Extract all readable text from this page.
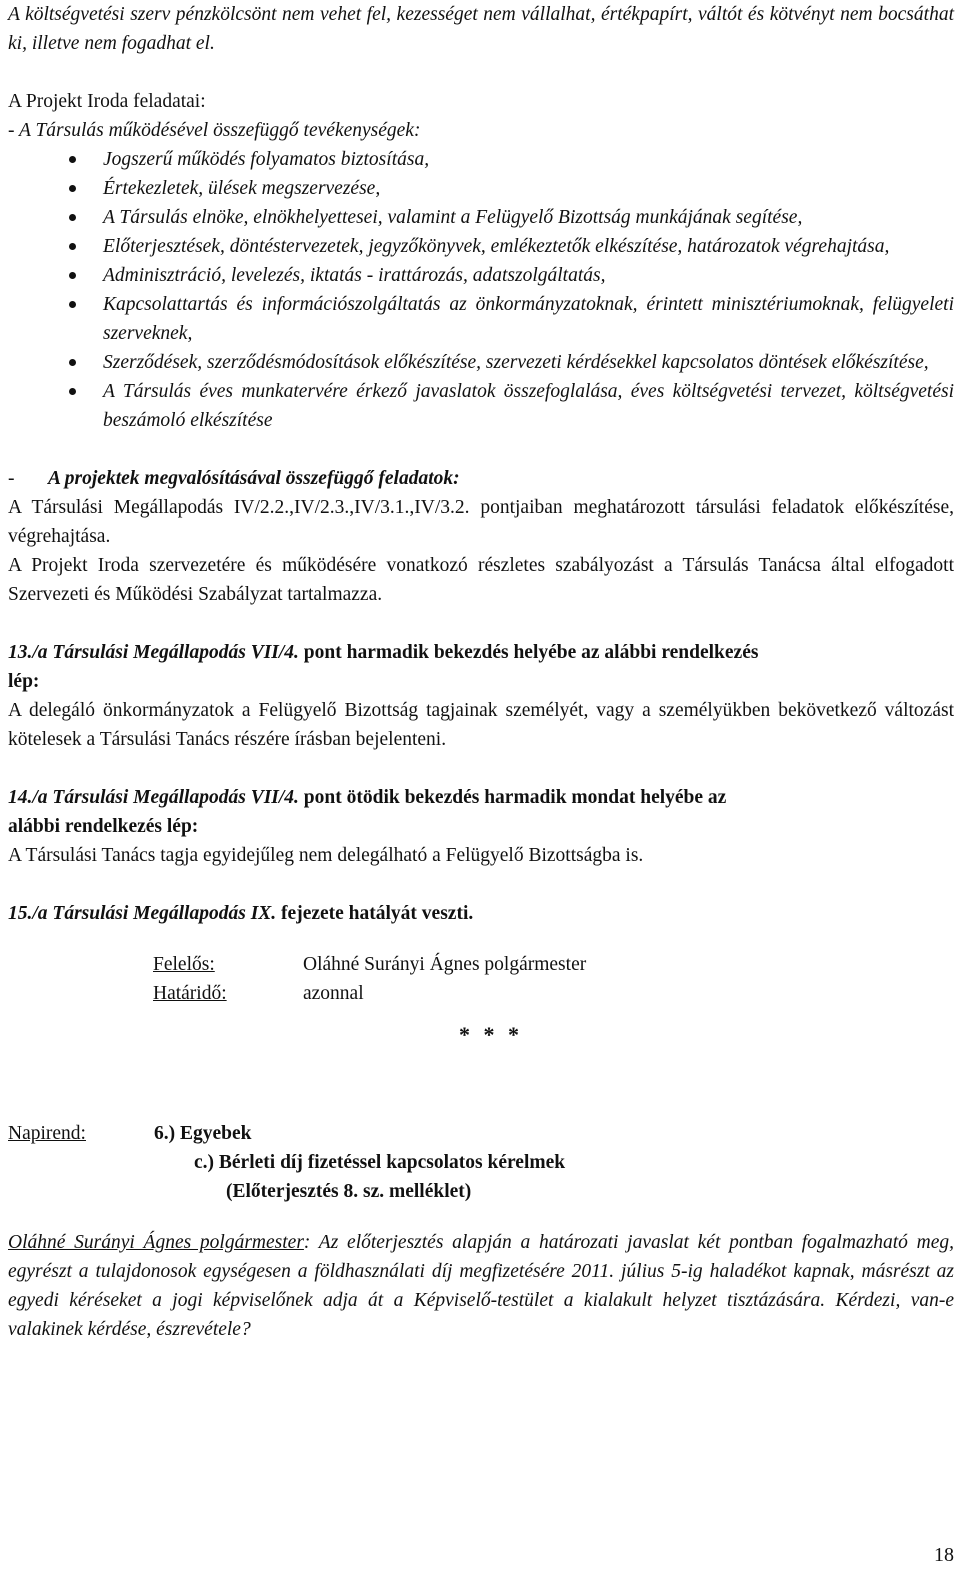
A költségvetési szerv pénzkölcsönt nem vehet fel, kezességet nem vállalhat, értékpapírt, váltót és kötvényt nem bocsáthat ki, illetve nem fogadhat el.

A Projekt Iroda feladatai:

- A Társulás működésével összefüggő tevékenységek:

Jogszerű működés folyamatos biztosítása,
Értekezletek, ülések megszervezése,
A Társulás elnöke, elnökhelyettesei, valamint a Felügyelő Bizottság munkájának segítése,
Előterjesztések, döntéstervezetek, jegyzőkönyvek, emlékeztetők elkészítése, határozatok végrehajtása,
Adminisztráció, levelezés, iktatás - irattározás, adatszolgáltatás,
Kapcsolattartás és információszolgáltatás az önkormányzatoknak, érintett minisztériumoknak, felügyeleti szerveknek,
Szerződések, szerződésmódosítások előkészítése, szervezeti kérdésekkel kapcsolatos döntések előkészítése,
A Társulás éves munkatervére érkező javaslatok összefoglalása, éves költségvetési tervezet, költségvetési beszámoló elkészítése
-	A projektek megvalósításával összefüggő feladatok:

A Társulási Megállapodás IV/2.2.,IV/2.3.,IV/3.1.,IV/3.2. pontjaiban meghatározott társulási feladatok előkészítése, végrehajtása.

A Projekt Iroda szervezetére és működésére vonatkozó részletes szabályozást a Társulás Tanácsa által elfogadott Szervezeti és Működési Szabályzat tartalmazza.

13./a Társulási Megállapodás VII/4. pont harmadik bekezdés helyébe az alábbi rendelkezés
lép:

A delegáló önkormányzatok a Felügyelő Bizottság tagjainak személyét, vagy a személyükben bekövetkező változást kötelesek a Társulási Tanács részére írásban bejelenteni.

14./a Társulási Megállapodás VII/4. pont ötödik bekezdés harmadik mondat helyébe az
alábbi rendelkezés lép:

A Társulási Tanács tagja egyidejűleg nem delegálható a Felügyelő Bizottságba is.

15./a Társulási Megállapodás IX. fejezete hatályát veszti.

Felelős:	Oláhné Surányi Ágnes polgármester
Határidő:	azonnal
* * *
Napirend:	6.) Egyebek
c.) Bérleti díj fizetéssel kapcsolatos kérelmek
(Előterjesztés 8. sz. melléklet)

Oláhné Surányi Ágnes polgármester: Az előterjesztés alapján a határozati javaslat két pontban fogalmazható meg, egyrészt a tulajdonosok egységesen a földhasználati díj megfizetésére 2011. július 5-ig haladékot kapnak, másrészt az egyedi kéréseket a jogi képviselőnek adja át a Képviselő-testület a kialakult helyzet tisztázására. Kérdezi, van-e valakinek kérdése, észrevétele?

18
